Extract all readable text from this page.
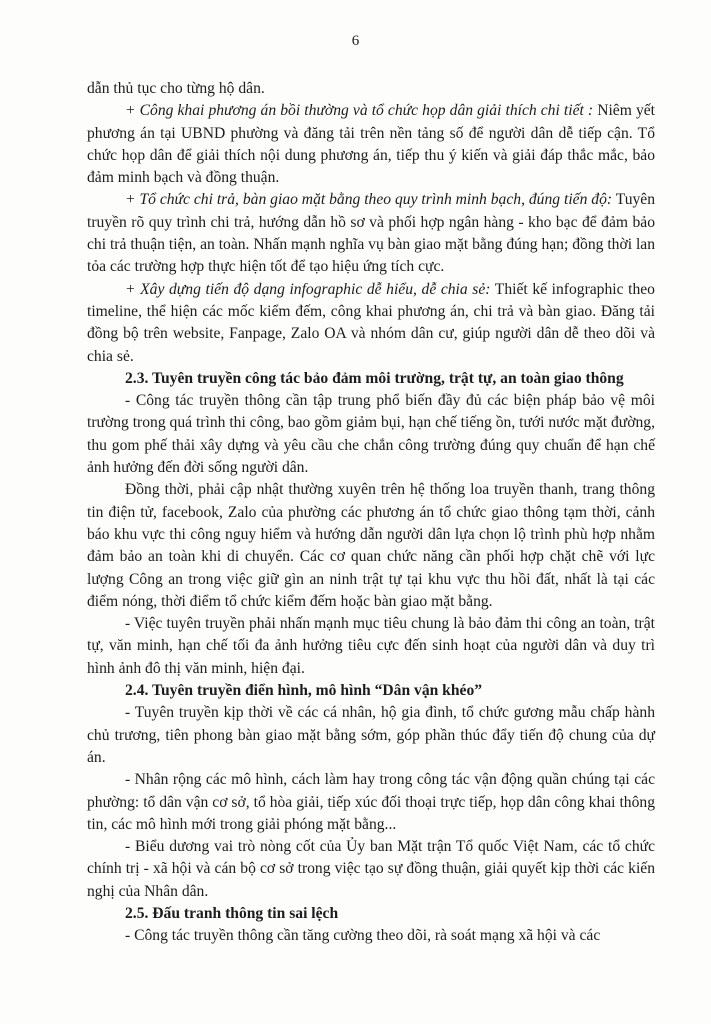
6

dẫn thủ tục cho từng hộ dân.

+ Công khai phương án bồi thường và tổ chức họp dân giải thích chi tiết : Niêm yết phương án tại UBND phường và đăng tải trên nền tảng số để người dân dễ tiếp cận. Tổ chức họp dân để giải thích nội dung phương án, tiếp thu ý kiến và giải đáp thắc mắc, bảo đảm minh bạch và đồng thuận.

+ Tổ chức chi trả, bàn giao mặt bằng theo quy trình minh bạch, đúng tiến độ: Tuyên truyền rõ quy trình chi trả, hướng dẫn hồ sơ và phối hợp ngân hàng - kho bạc để đảm bảo chi trả thuận tiện, an toàn. Nhấn mạnh nghĩa vụ bàn giao mặt bằng đúng hạn; đồng thời lan tỏa các trường hợp thực hiện tốt để tạo hiệu ứng tích cực.

+ Xây dựng tiến độ dạng infographic dễ hiểu, dễ chia sẻ: Thiết kế infographic theo timeline, thể hiện các mốc kiểm đếm, công khai phương án, chi trả và bàn giao. Đăng tải đồng bộ trên website, Fanpage, Zalo OA và nhóm dân cư, giúp người dân dễ theo dõi và chia sẻ.

2.3. Tuyên truyền công tác bảo đảm môi trường, trật tự, an toàn giao thông

- Công tác truyền thông cần tập trung phổ biến đầy đủ các biện pháp bảo vệ môi trường trong quá trình thi công, bao gồm giảm bụi, hạn chế tiếng ồn, tưới nước mặt đường, thu gom phế thải xây dựng và yêu cầu che chắn công trường đúng quy chuẩn để hạn chế ảnh hưởng đến đời sống người dân.

Đồng thời, phải cập nhật thường xuyên trên hệ thống loa truyền thanh, trang thông tin điện tử, facebook, Zalo của phường các phương án tổ chức giao thông tạm thời, cảnh báo khu vực thi công nguy hiểm và hướng dẫn người dân lựa chọn lộ trình phù hợp nhằm đảm bảo an toàn khi di chuyển. Các cơ quan chức năng cần phối hợp chặt chẽ với lực lượng Công an trong việc giữ gìn an ninh trật tự tại khu vực thu hồi đất, nhất là tại các điểm nóng, thời điểm tổ chức kiểm đếm hoặc bàn giao mặt bằng.

- Việc tuyên truyền phải nhấn mạnh mục tiêu chung là bảo đảm thi công an toàn, trật tự, văn minh, hạn chế tối đa ảnh hưởng tiêu cực đến sinh hoạt của người dân và duy trì hình ảnh đô thị văn minh, hiện đại.

2.4. Tuyên truyền điển hình, mô hình “Dân vận khéo”

- Tuyên truyền kịp thời về các cá nhân, hộ gia đình, tổ chức gương mẫu chấp hành chủ trương, tiên phong bàn giao mặt bằng sớm, góp phần thúc đẩy tiến độ chung của dự án.

- Nhân rộng các mô hình, cách làm hay trong công tác vận động quần chúng tại các phường: tổ dân vận cơ sở, tổ hòa giải, tiếp xúc đối thoại trực tiếp, họp dân công khai thông tin, các mô hình mới trong giải phóng mặt bằng...

- Biểu dương vai trò nòng cốt của Ủy ban Mặt trận Tổ quốc Việt Nam, các tổ chức chính trị - xã hội và cán bộ cơ sở trong việc tạo sự đồng thuận, giải quyết kịp thời các kiến nghị của Nhân dân.

2.5. Đấu tranh thông tin sai lệch

- Công tác truyền thông cần tăng cường theo dõi, rà soát mạng xã hội và các
